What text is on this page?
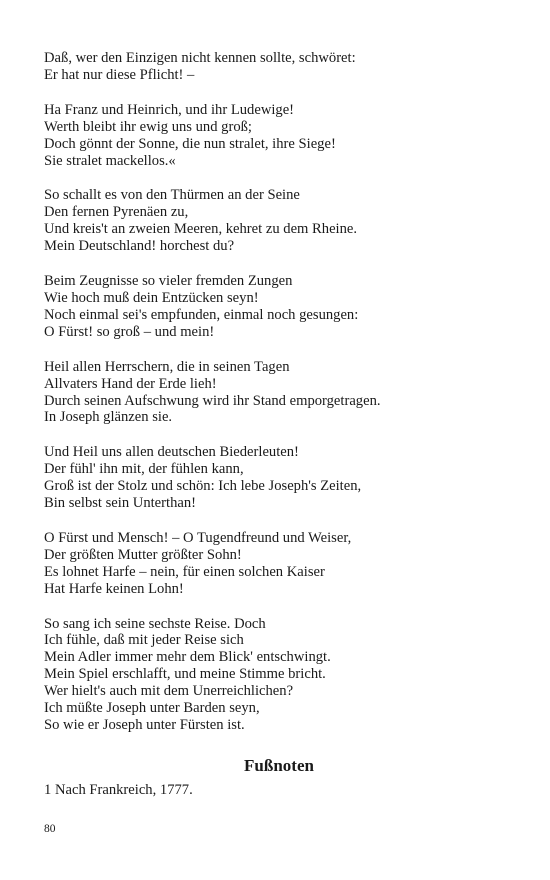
Daß, wer den Einzigen nicht kennen sollte, schwöret:
Er hat nur diese Pflicht! –
Ha Franz und Heinrich, und ihr Ludewige!
Werth bleibt ihr ewig uns und groß;
Doch gönnt der Sonne, die nun stralet, ihre Siege!
Sie stralet mackellos.«
So schallt es von den Thürmen an der Seine
Den fernen Pyrenäen zu,
Und kreis't an zweien Meeren, kehret zu dem Rheine.
Mein Deutschland! horchest du?
Beim Zeugnisse so vieler fremden Zungen
Wie hoch muß dein Entzücken seyn!
Noch einmal sei's empfunden, einmal noch gesungen:
O Fürst! so groß – und mein!
Heil allen Herrschern, die in seinen Tagen
Allvaters Hand der Erde lieh!
Durch seinen Aufschwung wird ihr Stand emporgetragen.
In Joseph glänzen sie.
Und Heil uns allen deutschen Biederleuten!
Der fühl' ihn mit, der fühlen kann,
Groß ist der Stolz und schön: Ich lebe Joseph's Zeiten,
Bin selbst sein Unterthan!
O Fürst und Mensch! – O Tugendfreund und Weiser,
Der größten Mutter größter Sohn!
Es lohnet Harfe – nein, für einen solchen Kaiser
Hat Harfe keinen Lohn!
So sang ich seine sechste Reise. Doch
Ich fühle, daß mit jeder Reise sich
Mein Adler immer mehr dem Blick' entschwingt.
Mein Spiel erschlafft, und meine Stimme bricht.
Wer hielt's auch mit dem Unerreichlichen?
Ich müßte Joseph unter Barden seyn,
So wie er Joseph unter Fürsten ist.
Fußnoten
1 Nach Frankreich, 1777.
80
